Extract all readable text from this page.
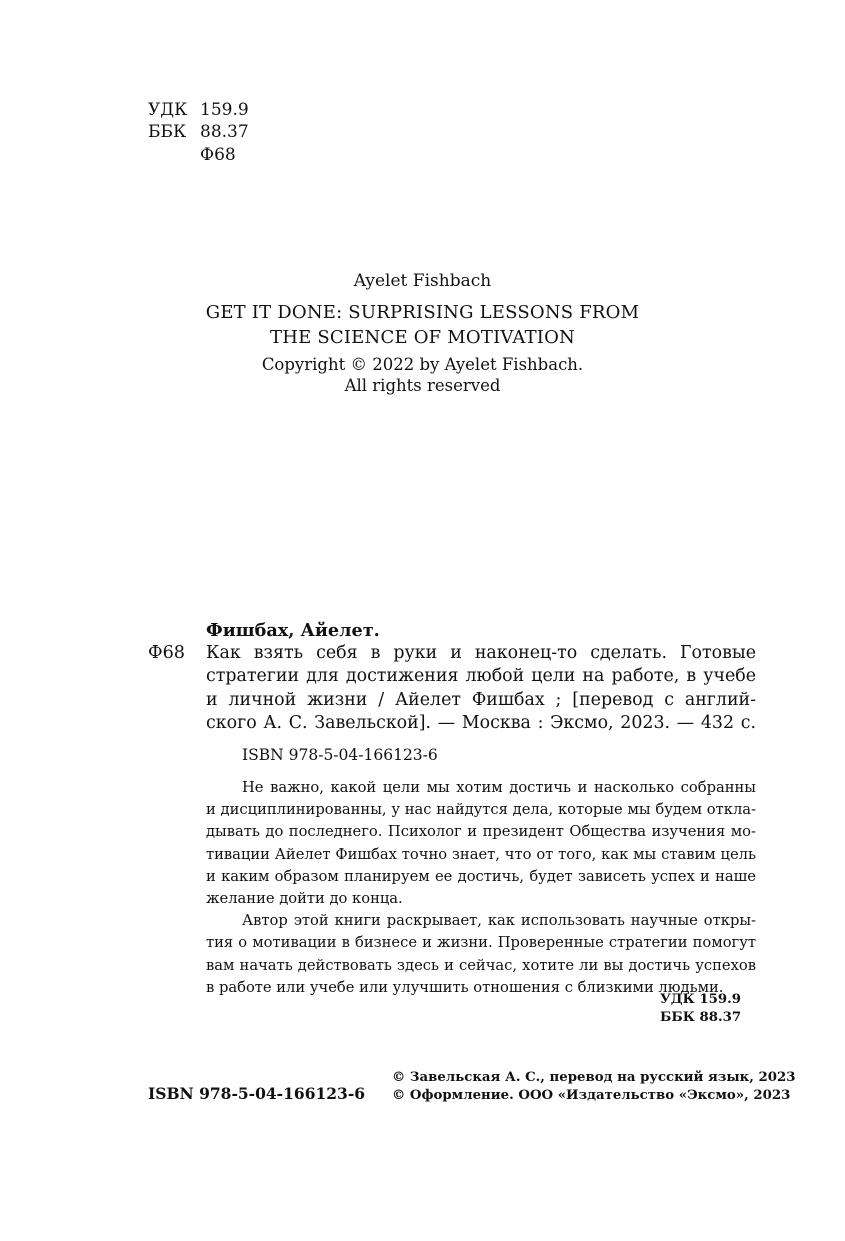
УДК 159.9
ББК 88.37
Ф68
Ayelet Fishbach
GET IT DONE: SURPRISING LESSONS FROM
THE SCIENCE OF MOTIVATION
Copyright © 2022 by Ayelet Fishbach.
All rights reserved
Фишбах, Айелет.
Ф68 Как взять себя в руки и наконец-то сделать. Готовые
стратегии для достижения любой цели на работе, в учебе
и личной жизни / Айелет Фишбах ; [перевод с англий-
ского А. С. Завельской]. — Москва : Эксмо, 2023. — 432 с.
ISBN 978-5-04-166123-6
Не важно, какой цели мы хотим достичь и насколько собранны
и дисциплинированны, у нас найдутся дела, которые мы будем откла-
дывать до последнего. Психолог и президент Общества изучения мо-
тивации Айелет Фишбах точно знает, что от того, как мы ставим цель
и каким образом планируем ее достичь, будет зависеть успех и наше
желание дойти до конца.
Автор этой книги раскрывает, как использовать научные откры-
тия о мотивации в бизнесе и жизни. Проверенные стратегии помогут
вам начать действовать здесь и сейчас, хотите ли вы достичь успехов
в работе или учебе или улучшить отношения с близкими людьми.
УДК 159.9
ББК 88.37
© Завельская А. С., перевод на русский язык, 2023
ISBN 978-5-04-166123-6 © Оформление. ООО «Издательство «Эксмо», 2023
